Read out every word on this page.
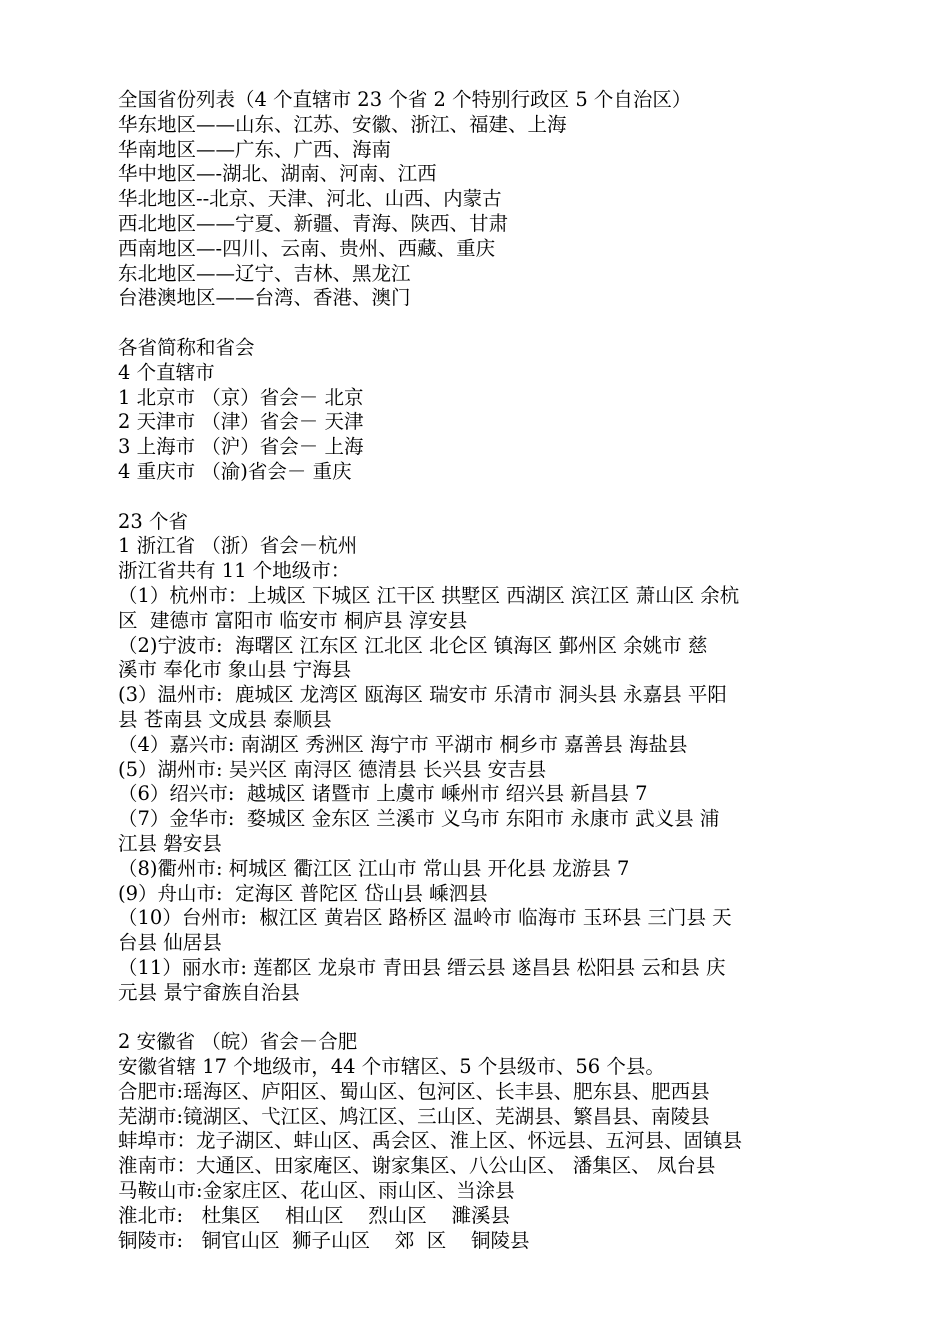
全国省份列表（4 个直辖市 23 个省 2 个特别行政区 5 个自治区）
华东地区——山东、江苏、安徽、浙江、福建、上海
华南地区——广东、广西、海南
华中地区—-湖北、湖南、河南、江西
华北地区--北京、天津、河北、山西、内蒙古
西北地区——宁夏、新疆、青海、陕西、甘肃
西南地区—-四川、云南、贵州、西藏、重庆
东北地区——辽宁、吉林、黑龙江
台港澳地区——台湾、香港、澳门
各省简称和省会
4 个直辖市
1 北京市 （京）省会－ 北京
2 天津市 （津）省会－ 天津
3 上海市 （沪）省会－ 上海
4 重庆市 （渝)省会－ 重庆
23 个省
1 浙江省 （浙）省会－杭州
浙江省共有 11 个地级市：
（1）杭州市：上城区 下城区 江干区 拱墅区 西湖区 滨江区 萧山区 余杭
区  建德市 富阳市 临安市 桐庐县 淳安县
（2)宁波市:  海曙区 江东区 江北区 北仑区 镇海区 鄞州区 余姚市 慈
溪市 奉化市 象山县 宁海县
(3）温州市:  鹿城区 龙湾区 瓯海区 瑞安市 乐清市 洞头县 永嘉县 平阳
县 苍南县 文成县 泰顺县
（4）嘉兴市: 南湖区 秀洲区 海宁市 平湖市 桐乡市 嘉善县 海盐县
(5）湖州市: 吴兴区 南浔区 德清县 长兴县 安吉县
（6）绍兴市:  越城区 诸暨市 上虞市 嵊州市 绍兴县 新昌县 7
（7）金华市:  婺城区 金东区 兰溪市 义乌市 东阳市 永康市 武义县 浦
江县 磐安县
（8)衢州市: 柯城区 衢江区 江山市 常山县 开化县 龙游县 7
(9）舟山市:  定海区 普陀区 岱山县 嵊泗县
（10）台州市:  椒江区 黄岩区 路桥区 温岭市 临海市 玉环县 三门县 天
台县 仙居县
（11）丽水市: 莲都区 龙泉市 青田县 缙云县 遂昌县 松阳县 云和县 庆
元县 景宁畲族自治县
2 安徽省 （皖）省会－合肥
安徽省辖 17 个地级市，44 个市辖区、5 个县级市、56 个县。
合肥市:瑶海区、庐阳区、蜀山区、包河区、长丰县、肥东县、肥西县
芜湖市:镜湖区、弋江区、鸠江区、三山区、芜湖县、繁昌县、南陵县
蚌埠市：龙子湖区、蚌山区、禹会区、淮上区、怀远县、五河县、固镇县
淮南市：大通区、田家庵区、谢家集区、八公山区、 潘集区、 凤台县
马鞍山市:金家庄区、花山区、雨山区、当涂县
淮北市:   杜集区    相山区    烈山区    濉溪县
铜陵市:   铜官山区  狮子山区    郊  区    铜陵县
